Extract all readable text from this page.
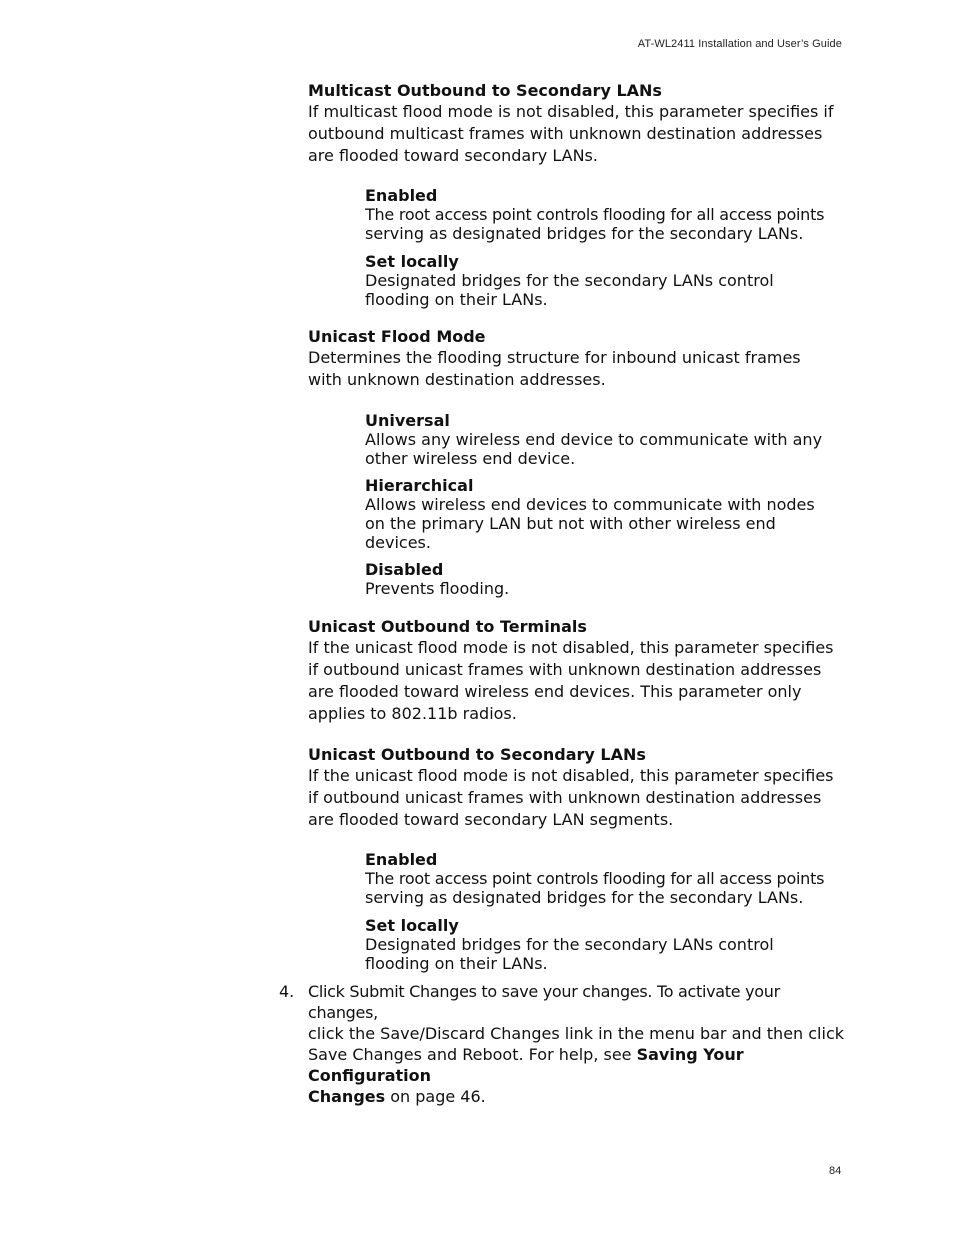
AT-WL2411 Installation and User’s Guide
Multicast Outbound to Secondary LANs
If multicast flood mode is not disabled, this parameter specifies if
outbound multicast frames with unknown destination addresses
are flooded toward secondary LANs.
Enabled
The root access point controls flooding for all access points
serving as designated bridges for the secondary LANs.
Set locally
Designated bridges for the secondary LANs control
flooding on their LANs.
Unicast Flood Mode
Determines the flooding structure for inbound unicast frames
with unknown destination addresses.
Universal
Allows any wireless end device to communicate with any
other wireless end device.
Hierarchical
Allows wireless end devices to communicate with nodes
on the primary LAN but not with other wireless end
devices.
Disabled
Prevents flooding.
Unicast Outbound to Terminals
If the unicast flood mode is not disabled, this parameter specifies
if outbound unicast frames with unknown destination addresses
are flooded toward wireless end devices. This parameter only
applies to 802.11b radios.
Unicast Outbound to Secondary LANs
If the unicast flood mode is not disabled, this parameter specifies
if outbound unicast frames with unknown destination addresses
are flooded toward secondary LAN segments.
Enabled
The root access point controls flooding for all access points
serving as designated bridges for the secondary LANs.
Set locally
Designated bridges for the secondary LANs control
flooding on their LANs.
4. Click Submit Changes to save your changes. To activate your changes,
click the Save/Discard Changes link in the menu bar and then click
Save Changes and Reboot. For help, see Saving Your Configuration
Changes on page 46.
84
